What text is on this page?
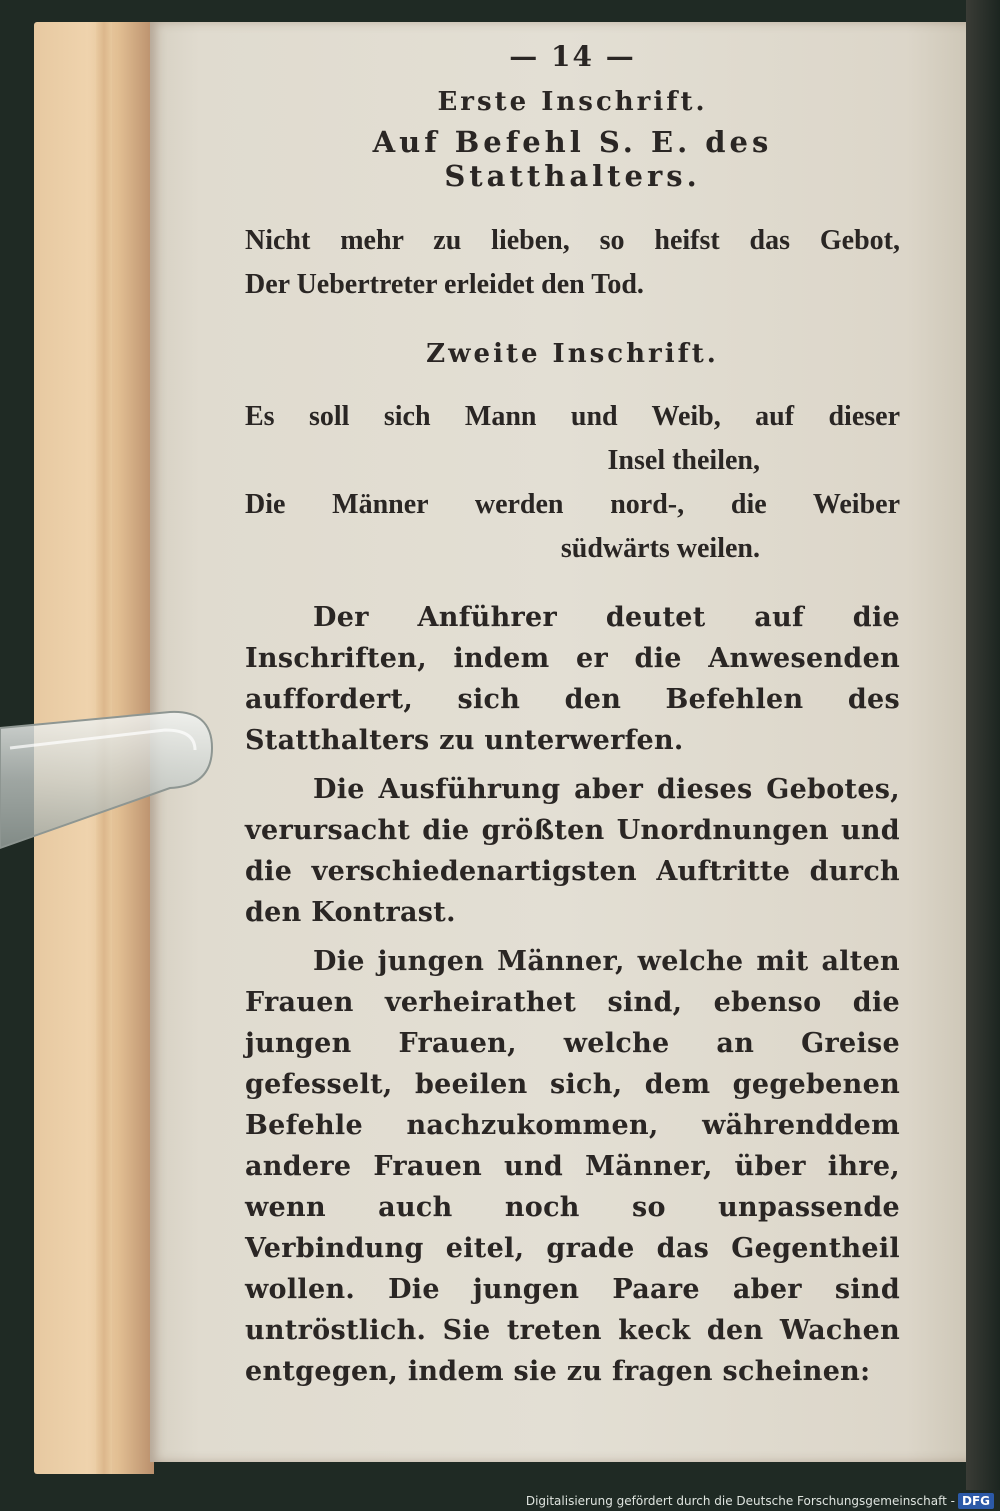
— 14 —
Erste Inschrift.
Auf Befehl S. E. des Statthalters.

Nicht mehr zu lieben, so heifst das Gebot,

Der Uebertreter erleidet den Tod.

Zweite Inschrift.

Es soll sich Mann und Weib, auf dieser

Insel theilen,

Die Männer werden nord-, die Weiber

südwärts weilen.

Der Anführer deutet auf die Inschriften, indem er die Anwesenden auffordert, sich den Befehlen des Statthalters zu unterwerfen.

Die Ausführung aber dieses Gebotes, verursacht die größten Unordnungen und die verschiedenartigsten Auftritte durch den Kontrast.

Die jungen Männer, welche mit alten Frauen verheirathet sind, ebenso die jungen Frauen, welche an Greise gefesselt, beeilen sich, dem gegebenen Befehle nachzukommen, währenddem andere Frauen und Männer, über ihre, wenn auch noch so unpassende Verbindung eitel, grade das Gegentheil wollen. Die jungen Paare aber sind untröstlich. Sie treten keck den Wachen entgegen, indem sie zu fragen scheinen:

Digitalisierung gefördert durch die Deutsche Forschungsgemeinschaft - DFG
